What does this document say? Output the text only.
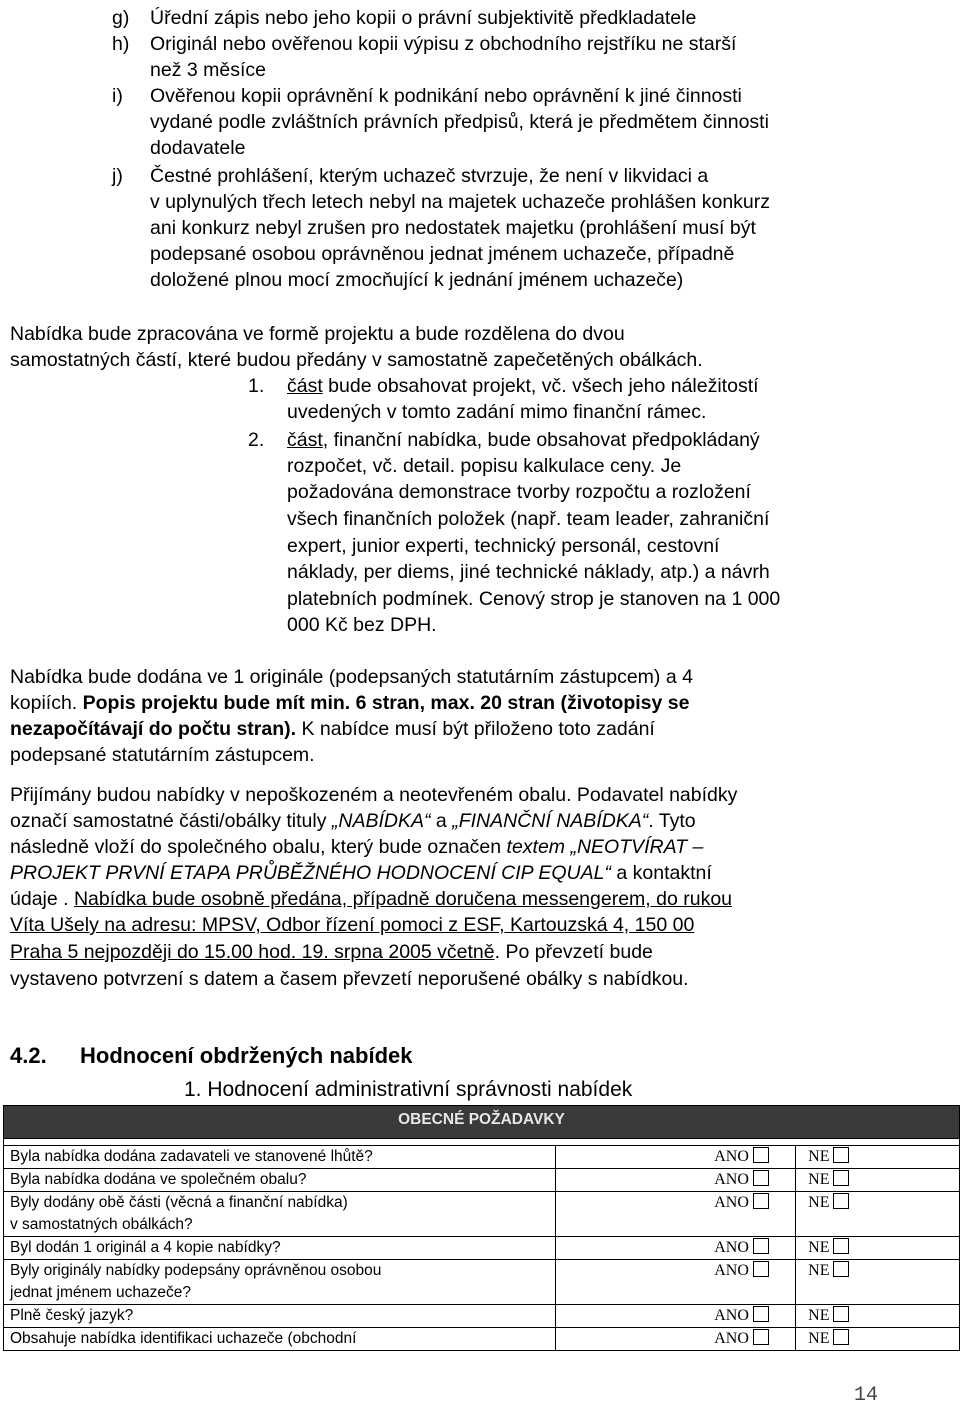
g) Úřední zápis nebo jeho kopii o právní subjektivitě předkladatele
h) Originál nebo ověřenou kopii výpisu z obchodního rejstříku ne starší
než 3 měsíce
i) Ověřenou kopii oprávnění k podnikání nebo oprávnění k jiné činnosti
vydané podle zvláštních právních předpisů, která je předmětem činnosti
dodavatele
j) Čestné prohlášení, kterým uchazeč stvrzuje, že není v likvidaci a
v uplynulých třech letech nebyl na majetek uchazeče prohlášen konkurz
ani konkurz nebyl zrušen pro nedostatek majetku (prohlášení musí být
podepsané osobou oprávněnou jednat jménem uchazeče, případně
doložené plnou mocí zmocňující k jednání jménem uchazeče)
Nabídka bude zpracována ve formě projektu a bude rozdělena do dvou
samostatných částí, které budou předány v samostatně zapečetěných obálkách.
1. část bude obsahovat projekt, vč. všech jeho náležitostí
uvedených v tomto zadání mimo finanční rámec.
2. část, finanční nabídka, bude obsahovat předpokládaný
rozpočet, vč. detail. popisu kalkulace ceny. Je
požadována demonstrace tvorby rozpočtu a rozložení
všech finančních položek (např. team leader, zahraniční
expert, junior experti, technický personál, cestovní
náklady, per diems, jiné technické náklady, atp.) a návrh
platebních podmínek. Cenový strop je stanoven na 1 000
000 Kč bez DPH.
Nabídka bude dodána ve 1 originále (podepsaných statutárním zástupcem) a 4
kopiích. Popis projektu bude mít min. 6 stran, max. 20 stran (životopisy se
nezapočítávají do počtu stran). K nabídce musí být přiloženo toto zadání
podepsané statutárním zástupcem.
Přijímány budou nabídky v nepoškozeném a neotevřeném obalu. Podavatel nabídky
označí samostatné části/obálky tituly „NABÍDKA“ a „FINANČNÍ NABÍDKA“. Tyto
následně vloží do společného obalu, který bude označen textem „NEOTVÍRAT –
PROJEKT PRVNÍ ETAPA PRŮBĚŽNÉHO HODNOCENÍ CIP EQUAL“ a kontaktní
údaje . Nabídka bude osobně předána, případně doručena messengerem, do rukou
Víta Ušely na adresu: MPSV, Odbor řízení pomoci z ESF, Kartouzská 4, 150 00
Praha 5 nejpozději do 15.00 hod. 19. srpna 2005 včetně. Po převzetí bude
vystaveno potvrzení s datem a časem převzetí neporušené obálky s nabídkou.
4.2. Hodnocení obdržených nabídek
1. Hodnocení administrativní správnosti nabídek
OBECNÉ POŽADAVKY		

Byla nabídka dodána zadavateli ve stanovené lhůtě?	ANO	NE
Byla nabídka dodána ve společném obalu?	ANO	NE

Byly dodány obě části (věcná a finanční nabídka)
v samostatných obálkách?	ANO	NE
Byl dodán 1 originál a 4 kopie nabídky?	ANO	NE

Byly originály nabídky podepsány oprávněnou osobou
jednat jménem uchazeče?	ANO	NE
Plně český jazyk?	ANO	NE
Obsahuje nabídka identifikaci uchazeče (obchodní	ANO	NE
14
